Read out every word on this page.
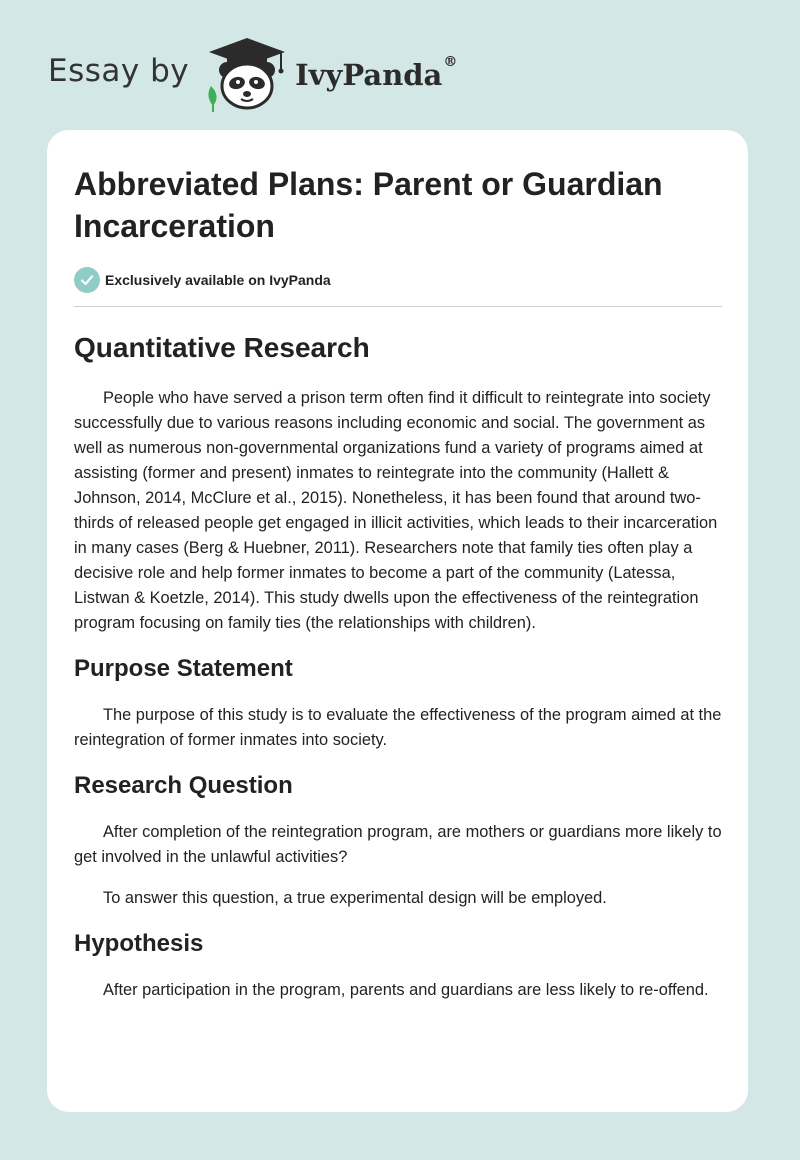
Essay by	IvyPanda®
Abbreviated Plans: Parent or Guardian Incarceration
Exclusively available on IvyPanda
Quantitative Research

People who have served a prison term often find it difficult to reintegrate into society successfully due to various reasons including economic and social. The government as well as numerous non-governmental organizations fund a variety of programs aimed at assisting (former and present) inmates to reintegrate into the community (Hallett & Johnson, 2014, McClure et al., 2015). Nonetheless, it has been found that around two-thirds of released people get engaged in illicit activities, which leads to their incarceration in many cases (Berg & Huebner, 2011). Researchers note that family ties often play a decisive role and help former inmates to become a part of the community (Latessa, Listwan & Koetzle, 2014). This study dwells upon the effectiveness of the reintegration program focusing on family ties (the relationships with children).

Purpose Statement

The purpose of this study is to evaluate the effectiveness of the program aimed at the reintegration of former inmates into society.

Research Question

After completion of the reintegration program, are mothers or guardians more likely to get involved in the unlawful activities?

To answer this question, a true experimental design will be employed.

Hypothesis

After participation in the program, parents and guardians are less likely to re-offend.
